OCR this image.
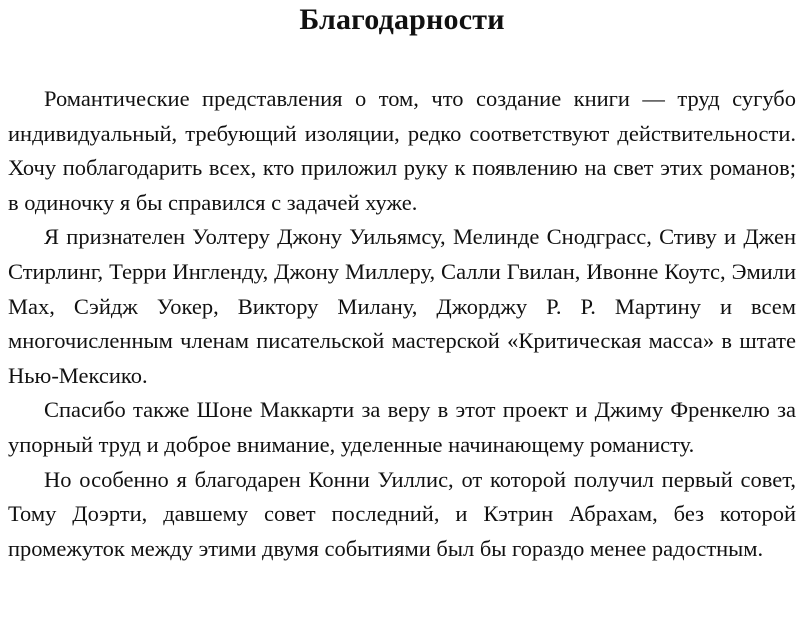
Благодарности

Романтические представления о том, что создание книги — труд сугубо индивидуальный, требующий изоляции, редко соответствуют действительности. Хочу поблагодарить всех, кто приложил руку к появлению на свет этих романов; в одиночку я бы справился с задачей хуже.

Я признателен Уолтеру Джону Уильямсу, Мелинде Снодграсс, Стиву и Джен Стирлинг, Терри Ингленду, Джону Миллеру, Салли Гвилан, Ивонне Коутс, Эмили Мах, Сэйдж Уокер, Виктору Милану, Джорджу Р. Р. Мартину и всем многочисленным членам писательской мастерской «Критическая масса» в штате Нью-Мексико.

Спасибо также Шоне Маккарти за веру в этот проект и Джиму Френкелю за упорный труд и доброе внимание, уделенные начинающему романисту.

Но особенно я благодарен Конни Уиллис, от которой получил первый совет, Тому Доэрти, давшему совет последний, и Кэтрин Абрахам, без которой промежуток между этими двумя событиями был бы гораздо менее радостным.
